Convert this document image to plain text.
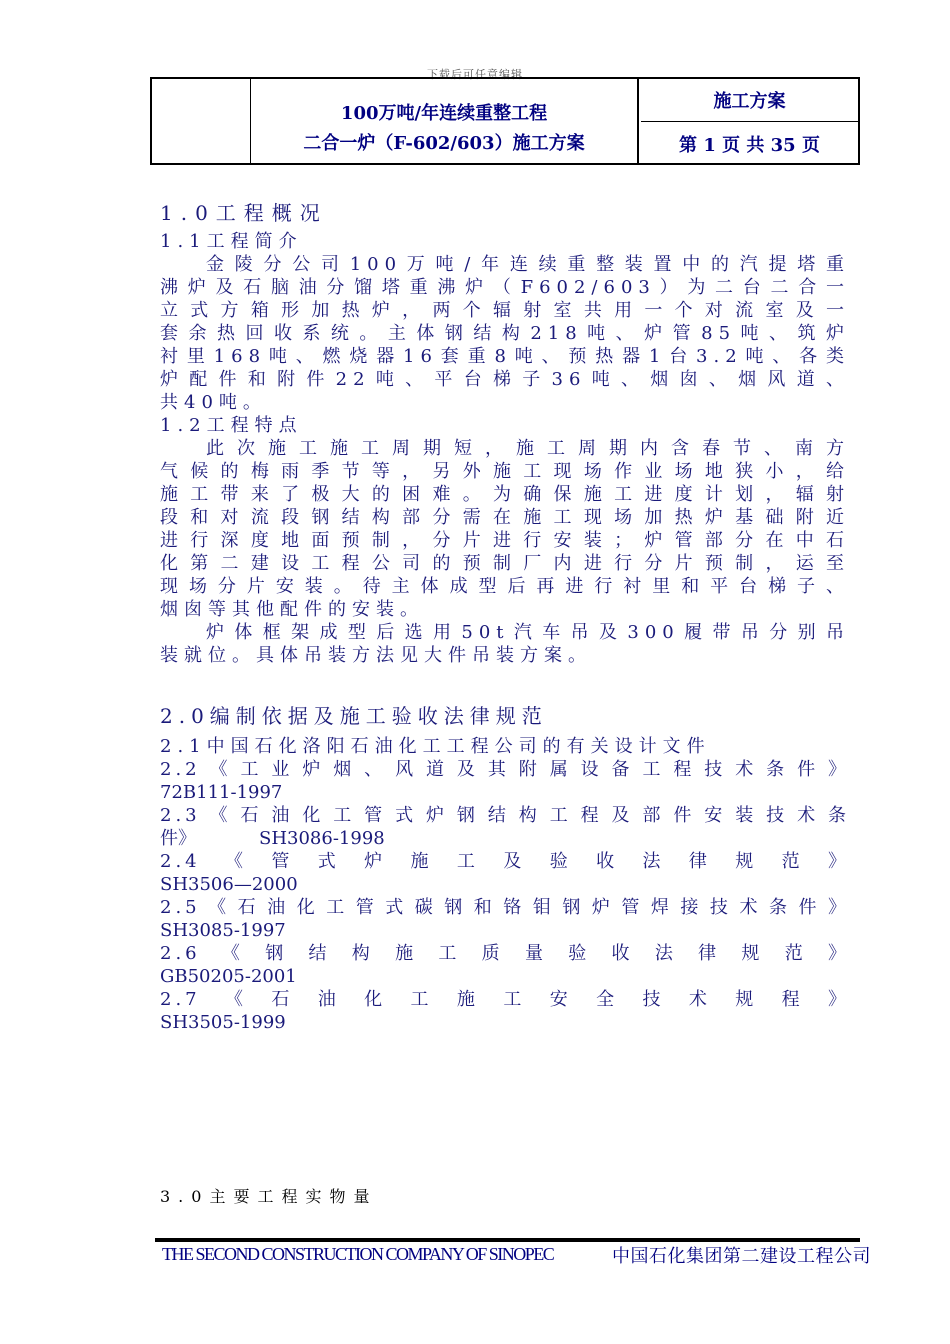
下载后可任意编辑
100万吨/年连续重整工程
二合一炉（F-602/603）施工方案
施工方案
第 1 页 共 35 页
1.0工程概况
1.1工程简介
金陵分公司100万吨/年连续重整装置中的汽提塔重
沸炉及石脑油分馏塔重沸炉（F602/603）为二台二合一
立式方箱形加热炉，两个辐射室共用一个对流室及一
套余热回收系统。主体钢结构218吨、炉管85吨、筑炉
衬里168吨、燃烧器16套重8吨、预热器1台3.2吨、各类
炉配件和附件22吨、平台梯子36吨、烟囱、烟风道、
共40吨。
1.2工程特点
此次施工施工周期短，施工周期内含春节、南方
气候的梅雨季节等，另外施工现场作业场地狭小，给
施工带来了极大的困难。为确保施工进度计划，辐射
段和对流段钢结构部分需在施工现场加热炉基础附近
进行深度地面预制，分片进行安装；炉管部分在中石
化第二建设工程公司的预制厂内进行分片预制，运至
现场分片安装。待主体成型后再进行衬里和平台梯子、
烟囱等其他配件的安装。
炉体框架成型后选用50t汽车吊及300履带吊分别吊
装就位。具体吊装方法见大件吊装方案。
2.0编制依据及施工验收法律规范
2.1中国石化洛阳石油化工工程公司的有关设计文件
2.2《工业炉烟、风道及其附属设备工程技术条件》
72B111-1997
2.3《石油化工管式炉钢结构工程及部件安装技术条
件》　　　　SH3086-1998
2.4《管式炉施工及验收法律规范》
SH3506—2000
2.5《石油化工管式碳钢和铬钼钢炉管焊接技术条件》
SH3085-1997
2.6《钢结构施工质量验收法律规范》
GB50205-2001
2.7《石油化工施工安全技术规程》
SH3505-1999
3.0主要工程实物量
THE SECOND CONSTRUCTION COMPANY OF SINOPEC	中国石化集团第二建设工程公司
